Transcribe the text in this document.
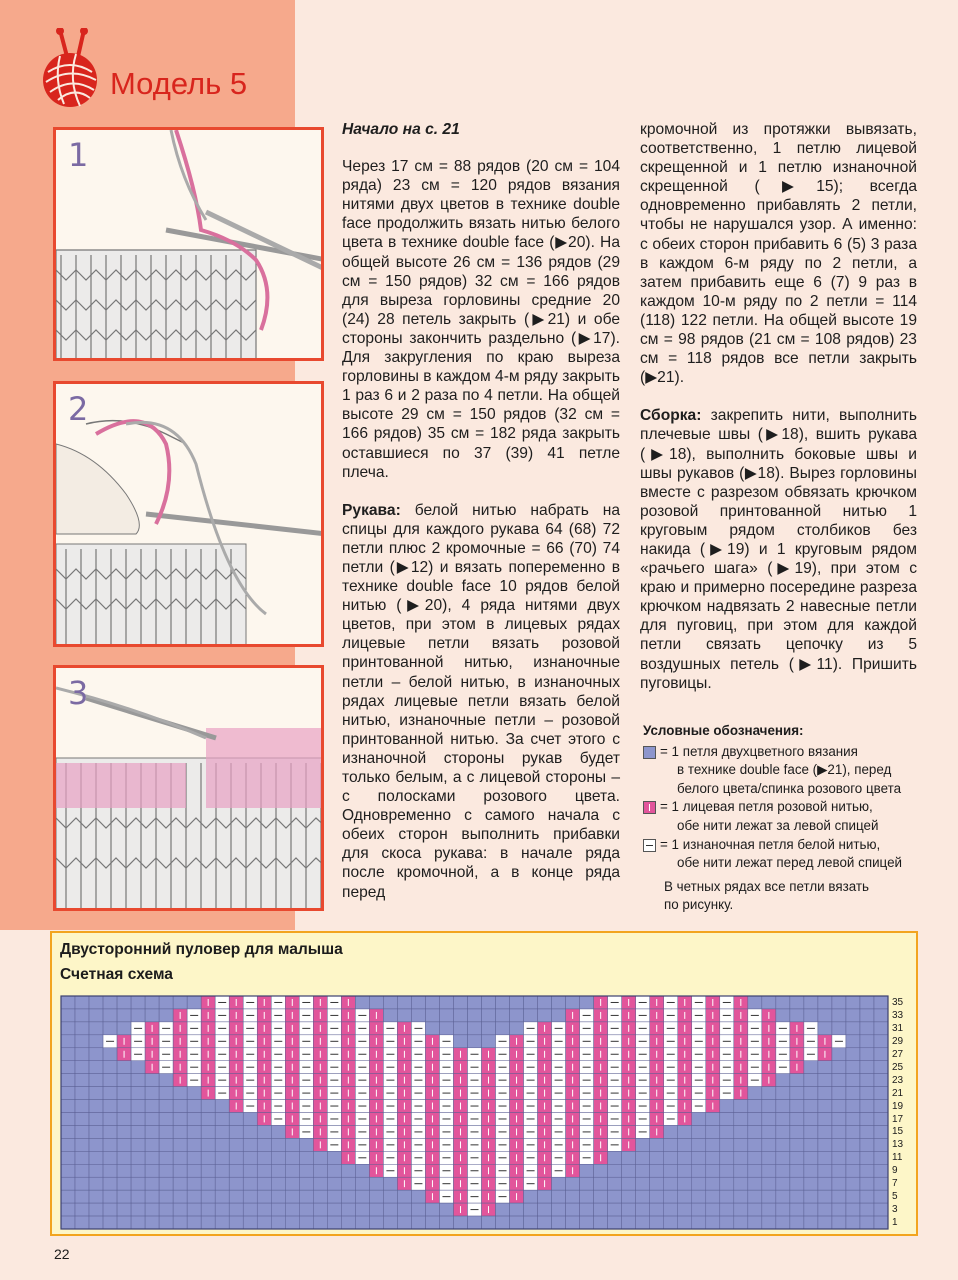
Модель 5
1
2
3

Начало на с. 21

Через 17 см = 88 рядов (20 см = 104 ряда) 23 см = 120 рядов вязания нитями двух цветов в технике double face продолжить вязать нитью белого цвета в технике double face (▶20). На общей высоте 26 см = 136 рядов (29 см = 150 рядов) 32 см = 166 рядов для выреза горловины средние 20 (24) 28 петель закрыть (▶21) и обе стороны закончить раздельно (▶17). Для закругления по краю выреза горловины в каждом 4-м ряду закрыть 1 раз 6 и 2 раза по 4 петли. На общей высоте 29 см = 150 рядов (32 см = 166 рядов) 35 см = 182 ряда закрыть оставшиеся по 37 (39) 41 петле плеча.

Рукава: белой нитью набрать на спицы для каждого рукава 64 (68) 72 петли плюс 2 кромочные = 66 (70) 74 петли (▶12) и вязать попеременно в технике double face 10 рядов белой нитью (▶20), 4 ряда нитями двух цветов, при этом в лицевых рядах лицевые петли вязать розовой принтованной нитью, изнаночные петли – белой нитью, в изнаночных рядах лицевые петли вязать белой нитью, изнаночные петли – розовой принтованной нитью. За счет этого с изнаночной стороны рукав будет только белым, а с лицевой стороны – с полосками розового цвета. Одновременно с самого начала с обеих сторон выполнить прибавки для скоса рукава: в начале ряда после кромочной, а в конце ряда перед

кромочной из протяжки вывязать, соответственно, 1 петлю лицевой скрещенной и 1 петлю изнаночной скрещенной (▶15); всегда одновременно прибавлять 2 петли, чтобы не нарушался узор. А именно: с обеих сторон прибавить 6 (5) 3 раза в каждом 6-м ряду по 2 петли, а затем прибавить еще 6 (7) 9 раз в каждом 10-м ряду по 2 петли = 114 (118) 122 петли. На общей высоте 19 см = 98 рядов (21 см = 108 рядов) 23 см = 118 рядов все петли закрыть (▶21).

Сборка: закрепить нити, выполнить плечевые швы (▶18), вшить рукава (▶18), выполнить боковые швы и швы рукавов (▶18). Вырез горловины вместе с разрезом обвязать крючком розовой принтованной нитью 1 круговым рядом столбиков без накида (▶19) и 1 круговым рядом «рачьего шага» (▶19), при этом с краю и примерно посередине разреза крючком надвязать 2 навесные петли для пуговиц, при этом для каждой петли связать цепочку из 5 воздушных петель (▶11). Пришить пуговицы.

Условные обозначения:
= 1 петля двухцветного вязания
в технике double face (▶21), перед
белого цвета/спинка розового цвета
= 1 лицевая петля розовой нитью,
обе нити лежат за левой спицей
= 1 изнаночная петля белой нитью,
обе нити лежат перед левой спицей
В четных рядах все петли вязать
по рисунку.
Двусторонний пуловер для малыша
Счетная схема
35
33
31
29
27
25
23
21
19
17
15
13
11
9
7
5
3
1
22
